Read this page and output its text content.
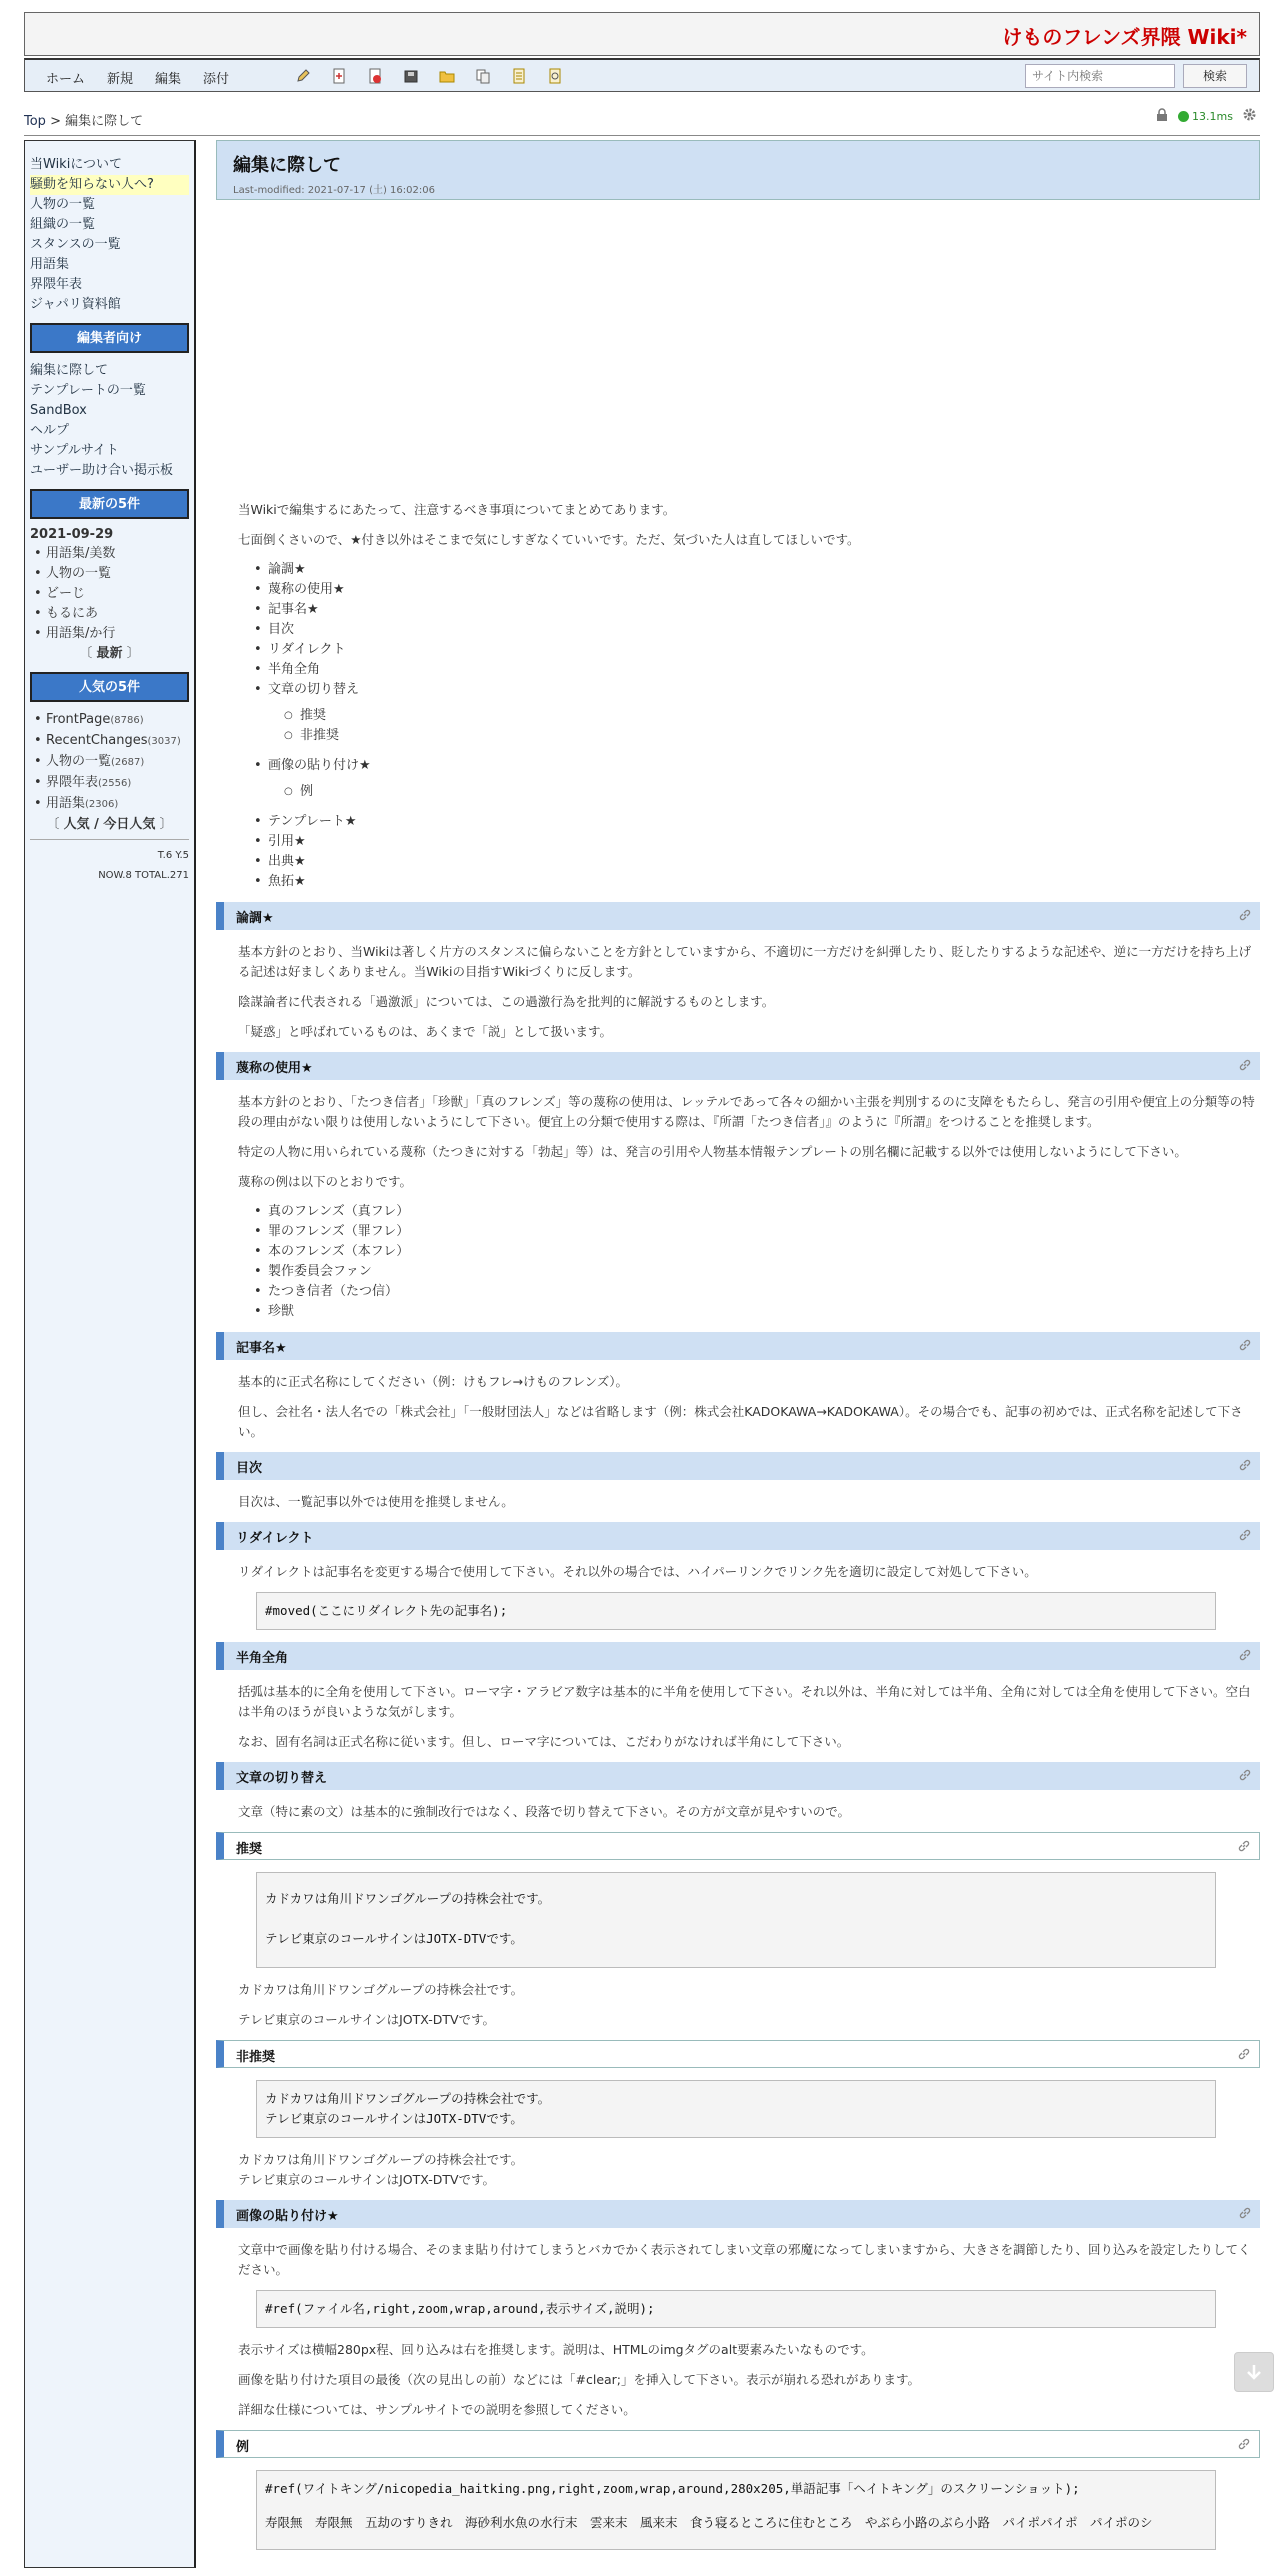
けものフレンズ界隈 Wiki*
ホーム	新規	編集	添付
サイト内検索	検索
Top > 編集に際して	13.1ms
当Wikiについて
騒動を知らない人へ?
人物の一覧
組織の一覧
スタンスの一覧
用語集
界隈年表
ジャパリ資料館
編集者向け
編集に際して
テンプレートの一覧
SandBox
ヘルプ
サンプルサイト
ユーザー助け合い掲示板
最新の5件
2021-09-29
• 用語集/美数
• 人物の一覧
• どーじ
• もるにあ
• 用語集/か行
〔 最新 〕
人気の5件
• FrontPage(8786)
• RecentChanges(3037)
• 人物の一覧(2687)
• 界隈年表(2556)
• 用語集(2306)
〔 人気 / 今日人気 〕
T.6 Y.5
NOW.8 TOTAL.271
編集に際して
Last-modified: 2021-07-17 (土) 16:02:06

当Wikiで編集するにあたって、注意するべき事項についてまとめてあります。

七面倒くさいので、★付き以外はそこまで気にしすぎなくていいです。ただ、気づいた人は直してほしいです。

• 論調★
• 蔑称の使用★
• 記事名★
• 目次
• リダイレクト
• 半角全角
• 文章の切り替え
○ 推奨
○ 非推奨
• 画像の貼り付け★
○ 例
• テンプレート★
• 引用★
• 出典★
• 魚拓★
論調★

基本方針のとおり、当Wikiは著しく片方のスタンスに偏らないことを方針としていますから、不適切に一方だけを糾弾したり、貶したりするような記述や、逆に一方だけを持ち上げる記述は好ましくありません。当Wikiの目指すWikiづくりに反します。

陰謀論者に代表される「過激派」については、この過激行為を批判的に解説するものとします。

「疑惑」と呼ばれているものは、あくまで「説」として扱います。

蔑称の使用★

基本方針のとおり、「たつき信者」「珍獣」「真のフレンズ」等の蔑称の使用は、レッテルであって各々の細かい主張を判別するのに支障をもたらし、発言の引用や便宜上の分類等の特段の理由がない限りは使用しないようにして下さい。便宜上の分類で使用する際は、『所謂「たつき信者」』のように『所謂』をつけることを推奨します。

特定の人物に用いられている蔑称（たつきに対する「勃起」等）は、発言の引用や人物基本情報テンプレートの別名欄に記載する以外では使用しないようにして下さい。

蔑称の例は以下のとおりです。

• 真のフレンズ（真フレ）
• 罪のフレンズ（罪フレ）
• 本のフレンズ（本フレ）
• 製作委員会ファン
• たつき信者（たつ信）
• 珍獣
記事名★

基本的に正式名称にしてください（例：けもフレ→けものフレンズ）。

但し、会社名・法人名での「株式会社」「一般財団法人」などは省略します（例：株式会社KADOKAWA→KADOKAWA）。その場合でも、記事の初めでは、正式名称を記述して下さい。

目次

目次は、一覧記事以外では使用を推奨しません。

リダイレクト

リダイレクトは記事名を変更する場合で使用して下さい。それ以外の場合では、ハイパーリンクでリンク先を適切に設定して対処して下さい。

#moved(ここにリダイレクト先の記事名);
半角全角

括弧は基本的に全角を使用して下さい。ローマ字・アラビア数字は基本的に半角を使用して下さい。それ以外は、半角に対しては半角、全角に対しては全角を使用して下さい。空白は半角のほうが良いような気がします。

なお、固有名詞は正式名称に従います。但し、ローマ字については、こだわりがなければ半角にして下さい。

文章の切り替え

文章（特に素の文）は基本的に強制改行ではなく、段落で切り替えて下さい。その方が文章が見やすいので。

推奨
カドカワは角川ドワンゴグループの持株会社です。
テレビ東京のコールサインはJOTX-DTVです。

カドカワは角川ドワンゴグループの持株会社です。

テレビ東京のコールサインはJOTX-DTVです。

非推奨
カドカワは角川ドワンゴグループの持株会社です。
テレビ東京のコールサインはJOTX-DTVです。

カドカワは角川ドワンゴグループの持株会社です。

テレビ東京のコールサインはJOTX-DTVです。

画像の貼り付け★

文章中で画像を貼り付ける場合、そのまま貼り付けてしまうとバカでかく表示されてしまい文章の邪魔になってしまいますから、大きさを調節したり、回り込みを設定したりしてください。

#ref(ファイル名,right,zoom,wrap,around,表示サイズ,説明);

表示サイズは横幅280px程、回り込みは右を推奨します。説明は、HTMLのimgタグのalt要素みたいなものです。

画像を貼り付けた項目の最後（次の見出しの前）などには「#clear;」を挿入して下さい。表示が崩れる恐れがあります。

詳細な仕様については、サンプルサイトでの説明を参照してください。

例
#ref(ワイトキング/nicopedia_haitking.png,right,zoom,wrap,around,280x205,単語記事「ヘイトキング」のスクリーンショット);
寿限無　寿限無　五劫のすりきれ　海砂利水魚の水行末　雲来末　風来末　食う寝るところに住むところ　やぶら小路のぶら小路　パイポパイポ　パイポのシ
